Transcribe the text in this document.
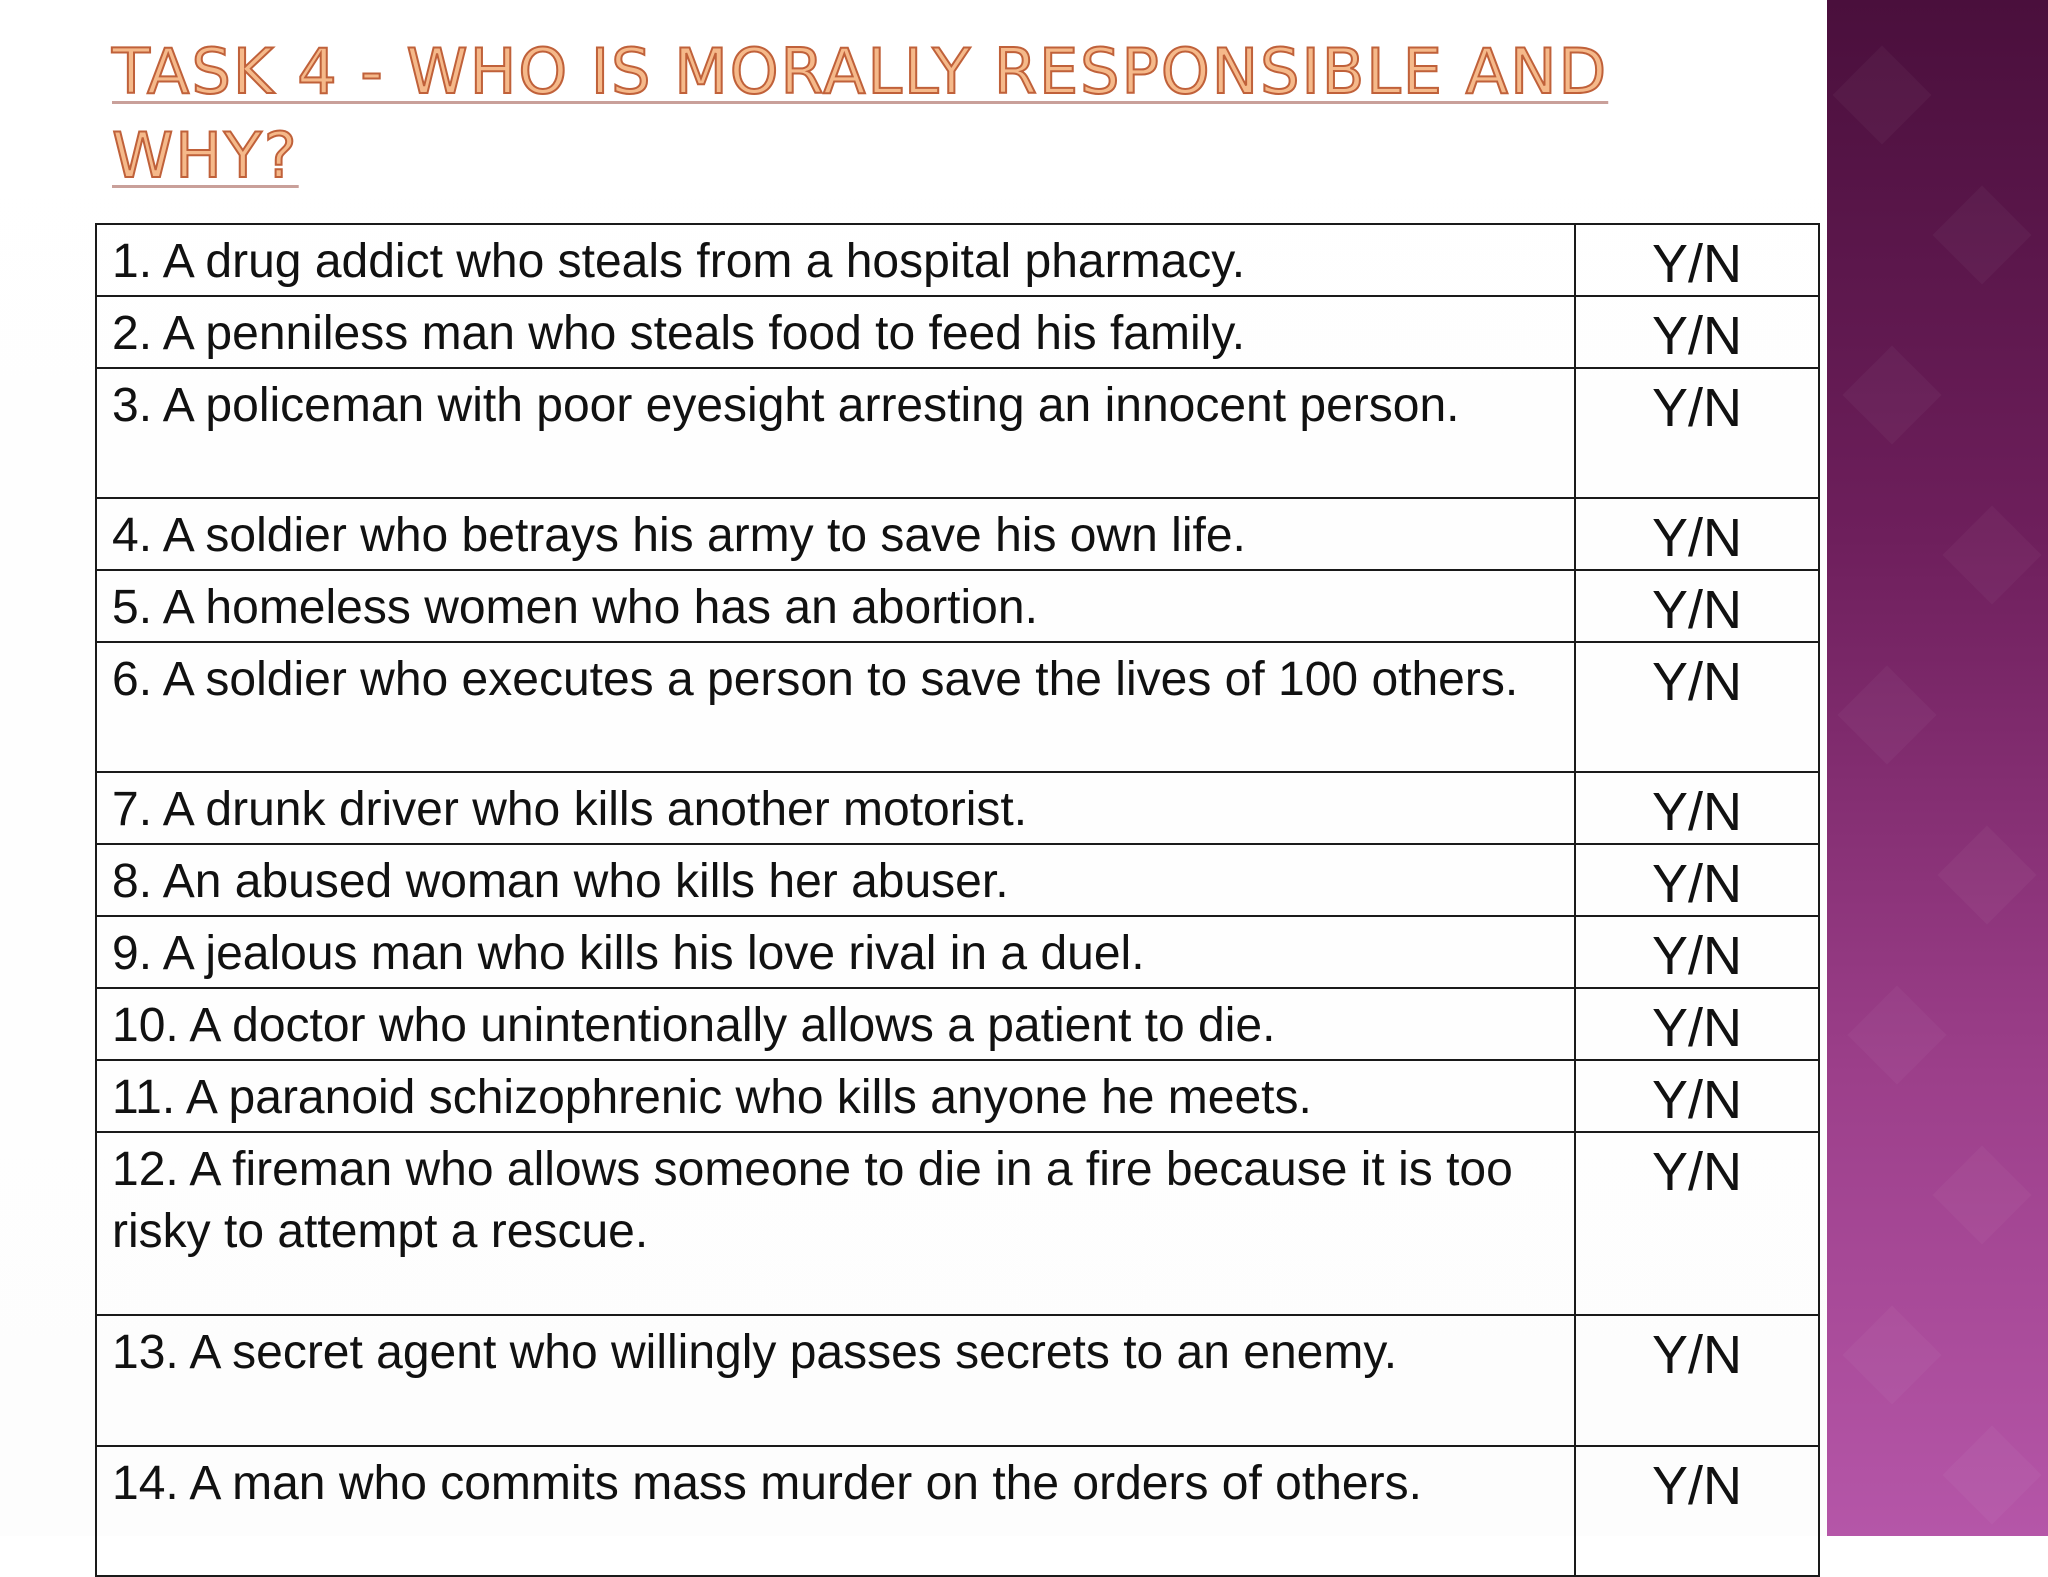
TASK 4 - WHO IS MORALLY RESPONSIBLE AND WHY?
1. A drug addict who steals from a hospital pharmacy.	Y/N
2. A penniless man who steals food to feed his family.	Y/N
3. A policeman with poor eyesight arresting an innocent person.	Y/N
4. A soldier who betrays his army to save his own life.	Y/N
5. A homeless women who has an abortion.	Y/N
6. A soldier who executes a person to save the lives of 100 others.	Y/N
7. A drunk driver who kills another motorist.	Y/N
8. An abused woman who kills her abuser.	Y/N
9. A jealous man who kills his love rival in a duel.	Y/N
10. A doctor who unintentionally allows a patient to die.	Y/N
11. A paranoid schizophrenic who kills anyone he meets.	Y/N
12. A fireman who allows someone to die in a fire because it is too risky to attempt a rescue.	Y/N
13. A secret agent who willingly passes secrets to an enemy.	Y/N
14. A man who commits mass murder on the orders of others.	Y/N
